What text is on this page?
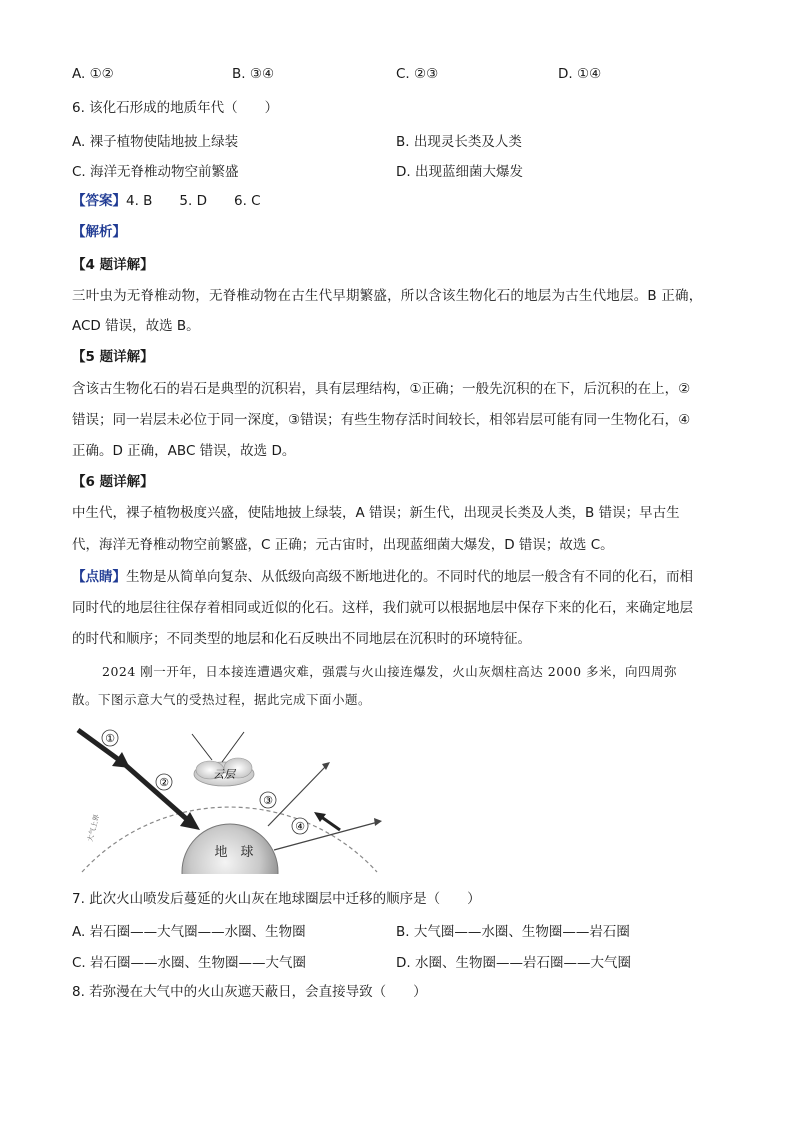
A. ①②	B. ③④	C. ②③	D. ①④
6. 该化石形成的地质年代（　　）
A. 裸子植物使陆地披上绿装	B. 出现灵长类及人类
C. 海洋无脊椎动物空前繁盛	D. 出现蓝细菌大爆发
【答案】4. B　　5. D　　6. C
【解析】
【4 题详解】
三叶虫为无脊椎动物，无脊椎动物在古生代早期繁盛，所以含该生物化石的地层为古生代地层。B 正确，
ACD 错误，故选 B。
【5 题详解】
含该古生物化石的岩石是典型的沉积岩，具有层理结构，①正确；一般先沉积的在下，后沉积的在上，②
错误；同一岩层未必位于同一深度，③错误；有些生物存活时间较长，相邻岩层可能有同一生物化石，④
正确。D 正确，ABC 错误，故选 D。
【6 题详解】
中生代，裸子植物极度兴盛，使陆地披上绿装，A 错误；新生代，出现灵长类及人类，B 错误；早古生
代，海洋无脊椎动物空前繁盛，C 正确；元古宙时，出现蓝细菌大爆发，D 错误；故选 C。
【点睛】生物是从简单向复杂、从低级向高级不断地进化的。不同时代的地层一般含有不同的化石，而相
同时代的地层往往保存着相同或近似的化石。这样，我们就可以根据地层中保存下来的化石，来确定地层
的时代和顺序；不同类型的地层和化石反映出不同地层在沉积时的环境特征。
2024 刚一开年，日本接连遭遇灾难，强震与火山接连爆发，火山灰烟柱高达 2000 多米，向四周弥
散。下图示意大气的受热过程，据此完成下面小题。
①
②
③
④
云层
地　球
大气上界
7. 此次火山喷发后蔓延的火山灰在地球圈层中迁移的顺序是（　　）
A. 岩石圈——大气圈——水圈、生物圈	B. 大气圈——水圈、生物圈——岩石圈
C. 岩石圈——水圈、生物圈——大气圈	D. 水圈、生物圈——岩石圈——大气圈
8. 若弥漫在大气中的火山灰遮天蔽日，会直接导致（　　）
